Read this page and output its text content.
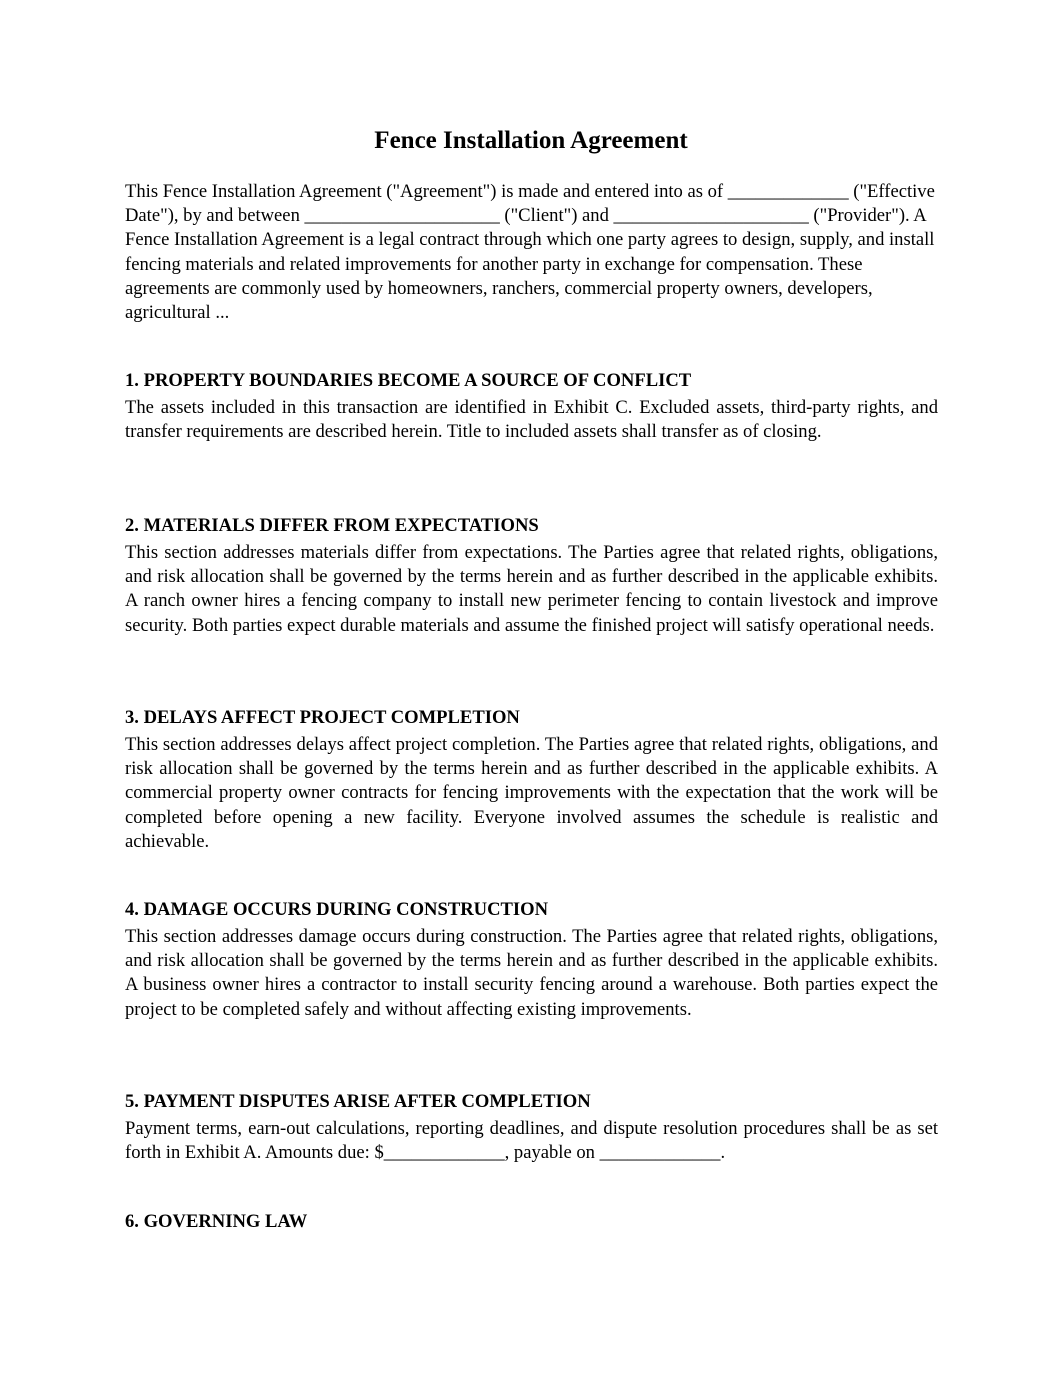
Fence Installation Agreement

This Fence Installation Agreement ("Agreement") is made and entered into as of _____________ ("Effective Date"), by and between _____________________ ("Client") and _____________________ ("Provider"). A Fence Installation Agreement is a legal contract through which one party agrees to design, supply, and install fencing materials and related improvements for another party in exchange for compensation. These agreements are commonly used by homeowners, ranchers, commercial property owners, developers, agricultural ...

1. PROPERTY BOUNDARIES BECOME A SOURCE OF CONFLICT

The assets included in this transaction are identified in Exhibit C. Excluded assets, third-party rights, and transfer requirements are described herein. Title to included assets shall transfer as of closing.

2. MATERIALS DIFFER FROM EXPECTATIONS

This section addresses materials differ from expectations. The Parties agree that related rights, obligations, and risk allocation shall be governed by the terms herein and as further described in the applicable exhibits. A ranch owner hires a fencing company to install new perimeter fencing to contain livestock and improve security. Both parties expect durable materials and assume the finished project will satisfy operational needs.

3. DELAYS AFFECT PROJECT COMPLETION

This section addresses delays affect project completion. The Parties agree that related rights, obligations, and risk allocation shall be governed by the terms herein and as further described in the applicable exhibits. A commercial property owner contracts for fencing improvements with the expectation that the work will be completed before opening a new facility. Everyone involved assumes the schedule is realistic and achievable.

4. DAMAGE OCCURS DURING CONSTRUCTION

This section addresses damage occurs during construction. The Parties agree that related rights, obligations, and risk allocation shall be governed by the terms herein and as further described in the applicable exhibits. A business owner hires a contractor to install security fencing around a warehouse. Both parties expect the project to be completed safely and without affecting existing improvements.

5. PAYMENT DISPUTES ARISE AFTER COMPLETION

Payment terms, earn-out calculations, reporting deadlines, and dispute resolution procedures shall be as set forth in Exhibit A. Amounts due: $_____________, payable on _____________.

6. GOVERNING LAW
